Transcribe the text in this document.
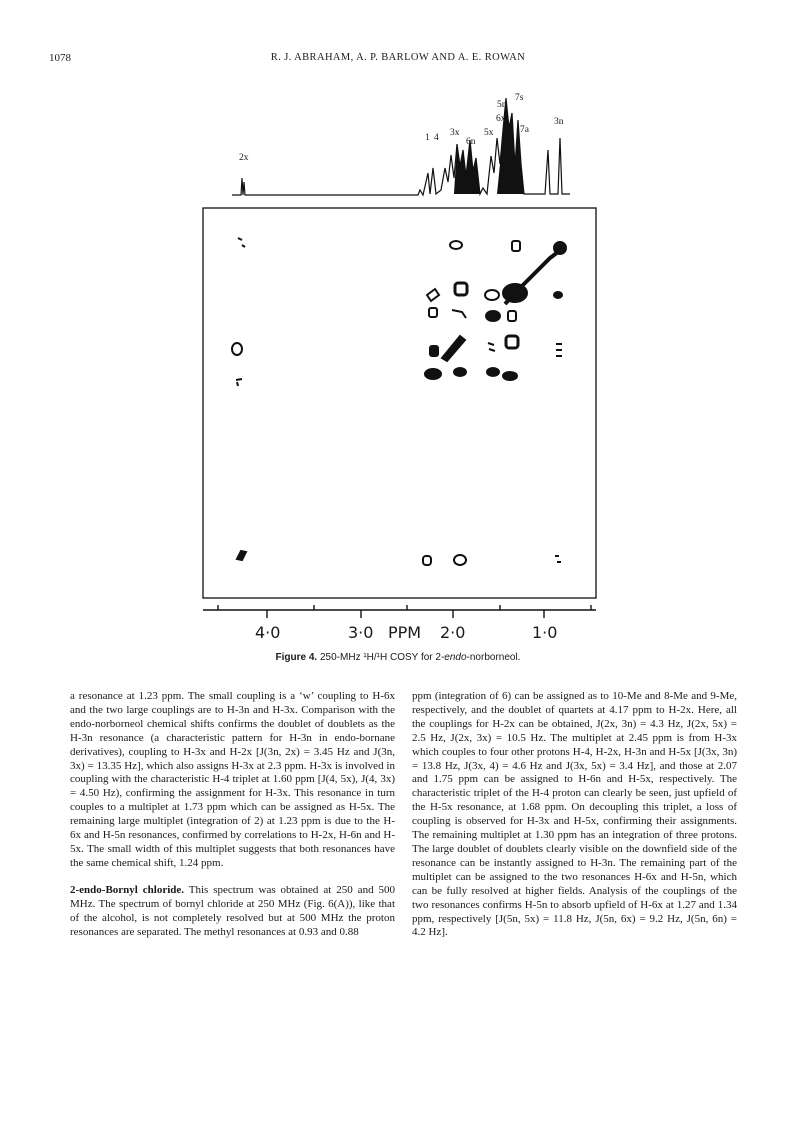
1078	R. J. ABRAHAM, A. P. BARLOW AND A. E. ROWAN
2x
1 4 3x
6n
5x
5n
6x
7s
7a
3n
4·0	3·0 PPM 2·0	1·0
Figure 4. 250-MHz ¹H/¹H COSY for 2-endo-norborneol.

a resonance at 1.23 ppm. The small coupling is a ‘w’ coupling to H-6x and the two large couplings are to H-3n and H-3x. Comparison with the endo-norborneol chemical shifts confirms the doublet of doublets as the H-3n resonance (a characteristic pattern for H-3n in endo-bornane derivatives), coupling to H-3x and H-2x [J(3n, 2x) = 3.45 Hz and J(3n, 3x) = 13.35 Hz], which also assigns H-3x at 2.3 ppm. H-3x is involved in coupling with the characteristic H-4 triplet at 1.60 ppm [J(4, 5x), J(4, 3x) = 4.50 Hz), confirming the assignment for H-3x. This resonance in turn couples to a multiplet at 1.73 ppm which can be assigned as H-5x. The remaining large multiplet (integration of 2) at 1.23 ppm is due to the H-6x and H-5n resonances, confirmed by correlations to H-2x, H-6n and H-5x. The small width of this multiplet suggests that both resonances have the same chemical shift, 1.24 ppm.

2-endo-Bornyl chloride. This spectrum was obtained at 250 and 500 MHz. The spectrum of bornyl chloride at 250 MHz (Fig. 6(A)), like that of the alcohol, is not completely resolved but at 500 MHz the proton resonances are separated. The methyl resonances at 0.93 and 0.88

ppm (integration of 6) can be assigned as to 10-Me and 8-Me and 9-Me, respectively, and the doublet of quartets at 4.17 ppm to H-2x. Here, all the couplings for H-2x can be obtained, J(2x, 3n) = 4.3 Hz, J(2x, 5x) = 2.5 Hz, J(2x, 3x) = 10.5 Hz. The multiplet at 2.45 ppm is from H-3x which couples to four other protons H-4, H-2x, H-3n and H-5x [J(3x, 3n) = 13.8 Hz, J(3x, 4) = 4.6 Hz and J(3x, 5x) = 3.4 Hz], and those at 2.07 and 1.75 ppm can be assigned to H-6n and H-5x, respectively. The characteristic triplet of the H-4 proton can clearly be seen, just upfield of the H-5x resonance, at 1.68 ppm. On decoupling this triplet, a loss of coupling is observed for H-3x and H-5x, confirming their assignments. The remaining multiplet at 1.30 ppm has an integration of three protons. The large doublet of doublets clearly visible on the downfield side of the resonance can be instantly assigned to H-3n. The remaining part of the multiplet can be assigned to the two resonances H-6x and H-5n, which can be fully resolved at higher fields. Analysis of the couplings of the two resonances confirms H-5n to absorb upfield of H-6x at 1.27 and 1.34 ppm, respectively [J(5n, 5x) = 11.8 Hz, J(5n, 6x) = 9.2 Hz, J(5n, 6n) = 4.2 Hz].
